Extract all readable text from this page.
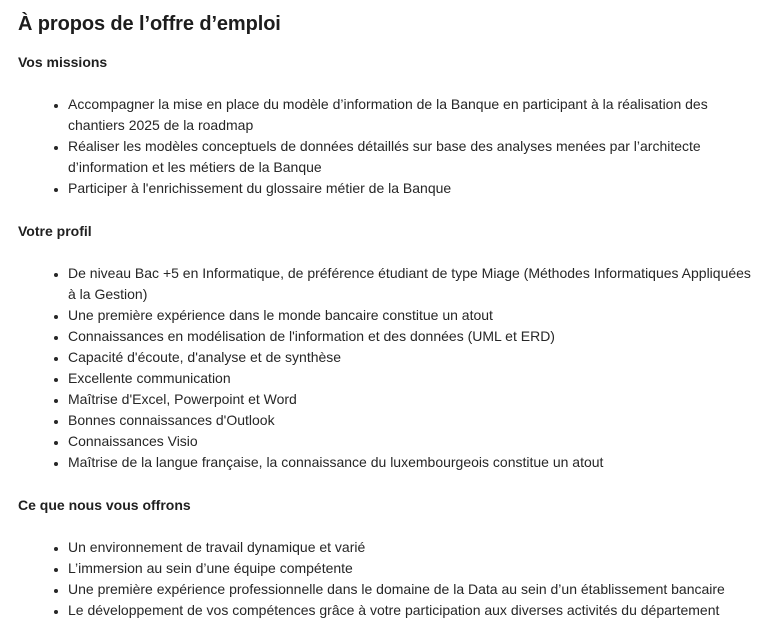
À propos de l’offre d’emploi
Vos missions
• Accompagner la mise en place du modèle d’information de la Banque en participant à la réalisation des chantiers 2025 de la roadmap
• Réaliser les modèles conceptuels de données détaillés sur base des analyses menées par l’architecte d’information et les métiers de la Banque
• Participer à l'enrichissement du glossaire métier de la Banque
Votre profil
• De niveau Bac +5 en Informatique, de préférence étudiant de type Miage (Méthodes Informatiques Appliquées à la Gestion)
• Une première expérience dans le monde bancaire constitue un atout
• Connaissances en modélisation de l'information et des données (UML et ERD)
• Capacité d'écoute, d'analyse et de synthèse
• Excellente communication
• Maîtrise d'Excel, Powerpoint et Word
• Bonnes connaissances d'Outlook
• Connaissances Visio
• Maîtrise de la langue française, la connaissance du luxembourgeois constitue un atout
Ce que nous vous offrons
• Un environnement de travail dynamique et varié
• L’immersion au sein d’une équipe compétente
• Une première expérience professionnelle dans le domaine de la Data au sein d’un établissement bancaire
• Le développement de vos compétences grâce à votre participation aux diverses activités du département
